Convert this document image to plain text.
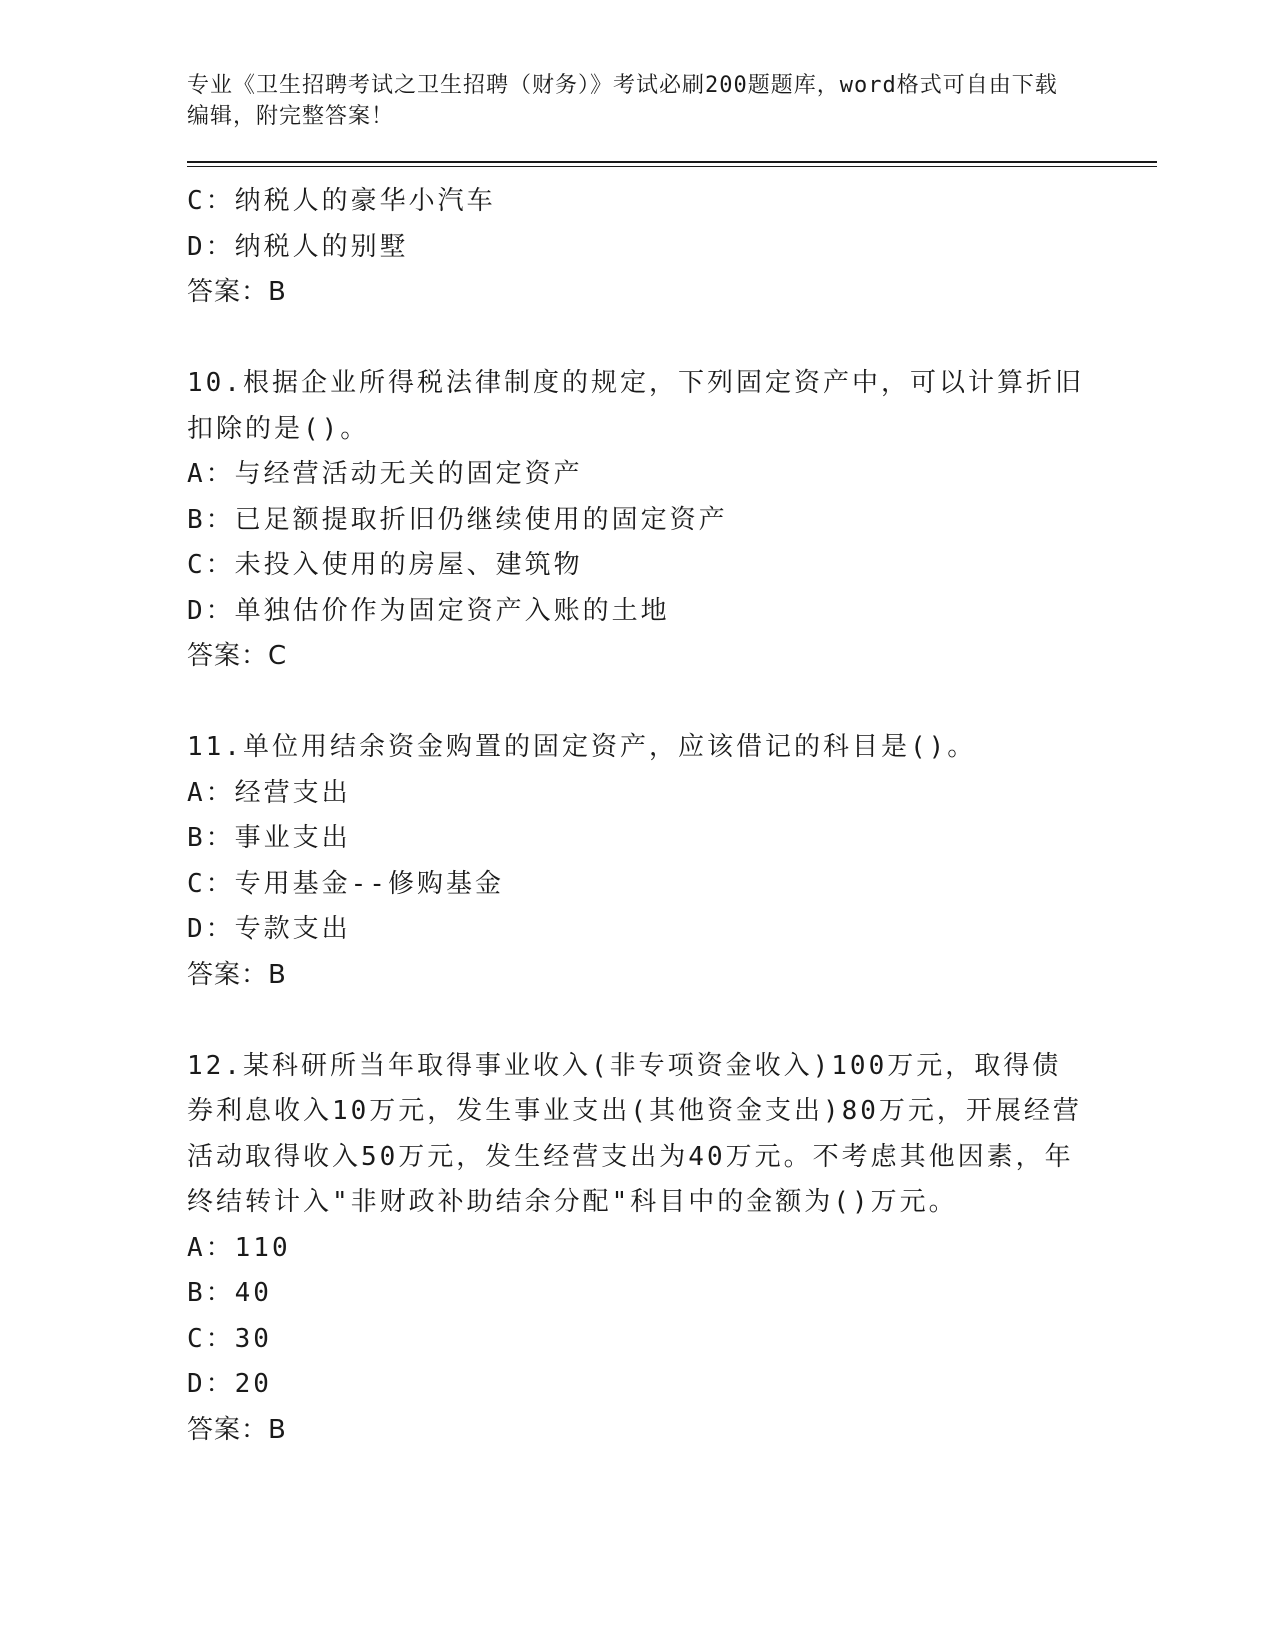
专业《卫生招聘考试之卫生招聘（财务）》考试必刷200题题库，word格式可自由下载编辑，附完整答案！
C：纳税人的豪华小汽车
D：纳税人的别墅
答案：B
10.根据企业所得税法律制度的规定，下列固定资产中，可以计算折旧扣除的是()。
A：与经营活动无关的固定资产
B：已足额提取折旧仍继续使用的固定资产
C：未投入使用的房屋、建筑物
D：单独估价作为固定资产入账的土地
答案：C
11.单位用结余资金购置的固定资产，应该借记的科目是()。
A：经营支出
B：事业支出
C：专用基金--修购基金
D：专款支出
答案：B
12.某科研所当年取得事业收入(非专项资金收入)100万元，取得债券利息收入10万元，发生事业支出(其他资金支出)80万元，开展经营活动取得收入50万元，发生经营支出为40万元。不考虑其他因素，年终结转计入"非财政补助结余分配"科目中的金额为()万元。
A：110
B：40
C：30
D：20
答案：B
